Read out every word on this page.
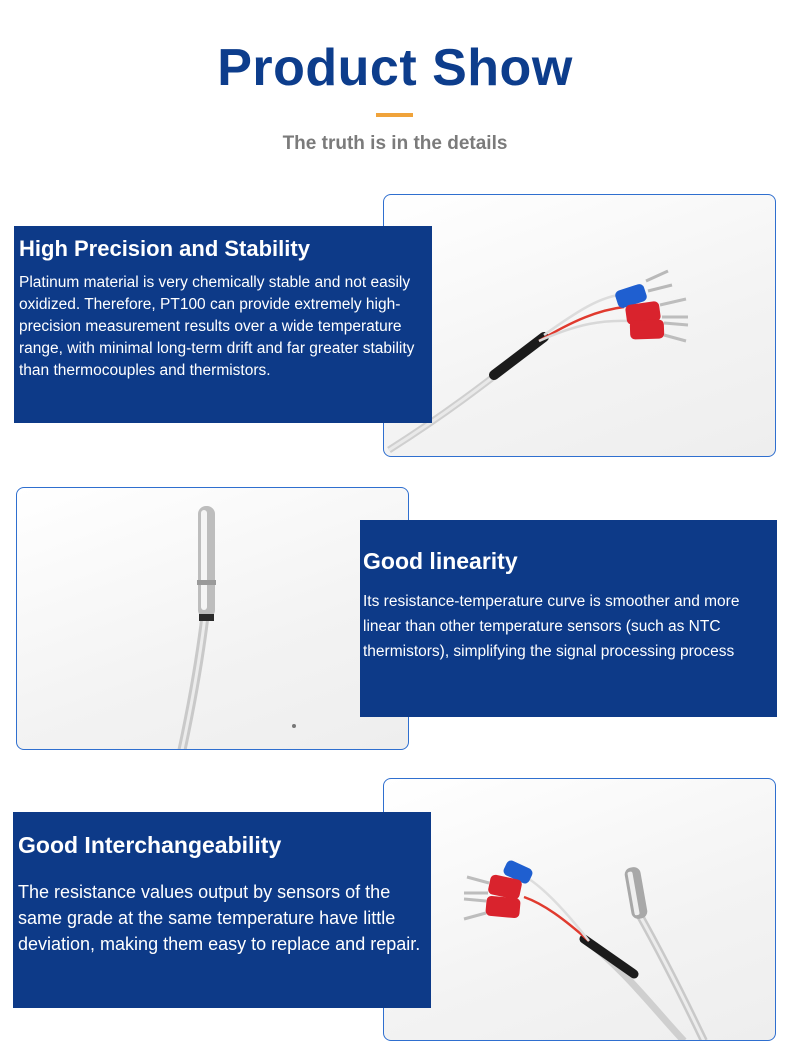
Product Show
The truth is in the details
High Precision and Stability

Platinum material is very chemically stable and not easily oxidized. Therefore, PT100 can provide extremely high-precision measurement results over a wide temperature range, with minimal long-term drift and far greater stability than thermocouples and thermistors.

Good linearity

Its resistance-temperature curve is smoother and more linear than other temperature sensors (such as NTC thermistors), simplifying the signal processing process

Good Interchangeability

The resistance values output by sensors of the same grade at the same temperature have little deviation, making them easy to replace and repair.
